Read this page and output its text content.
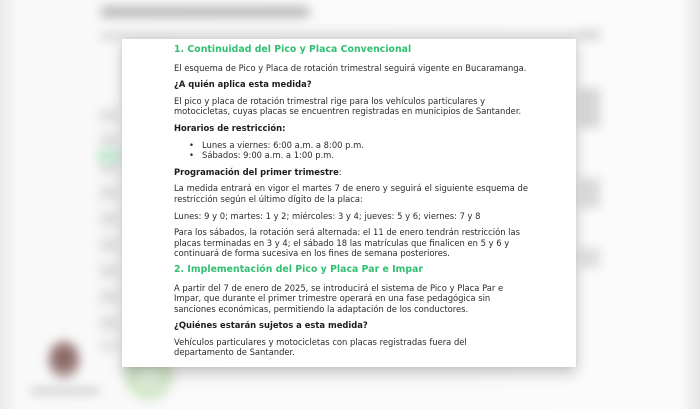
1. Continuidad del Pico y Placa Convencional
El esquema de Pico y Placa de rotación trimestral seguirá vigente en Bucaramanga.
¿A quién aplica esta medida?
El pico y placa de rotación trimestral rige para los vehículos particulares y motocicletas, cuyas placas se encuentren registradas en municipios de Santander.
Horarios de restricción:
• Lunes a viernes: 6:00 a.m. a 8:00 p.m.
• Sábados: 9:00 a.m. a 1:00 p.m.
Programación del primer trimestre:
La medida entrará en vigor el martes 7 de enero y seguirá el siguiente esquema de restricción según el último dígito de la placa:
Lunes: 9 y 0; martes: 1 y 2; miércoles: 3 y 4; jueves: 5 y 6; viernes: 7 y 8
Para los sábados, la rotación será alternada: el 11 de enero tendrán restricción las placas terminadas en 3 y 4; el sábado 18 las matrículas que finalicen en 5 y 6 y continuará de forma sucesiva en los fines de semana posteriores.
2. Implementación del Pico y Placa Par e Impar
A partir del 7 de enero de 2025, se introducirá el sistema de Pico y Placa Par e Impar, que durante el primer trimestre operará en una fase pedagógica sin sanciones económicas, permitiendo la adaptación de los conductores.
¿Quiénes estarán sujetos a esta medida?
Vehículos particulares y motocicletas con placas registradas fuera del departamento de Santander.
